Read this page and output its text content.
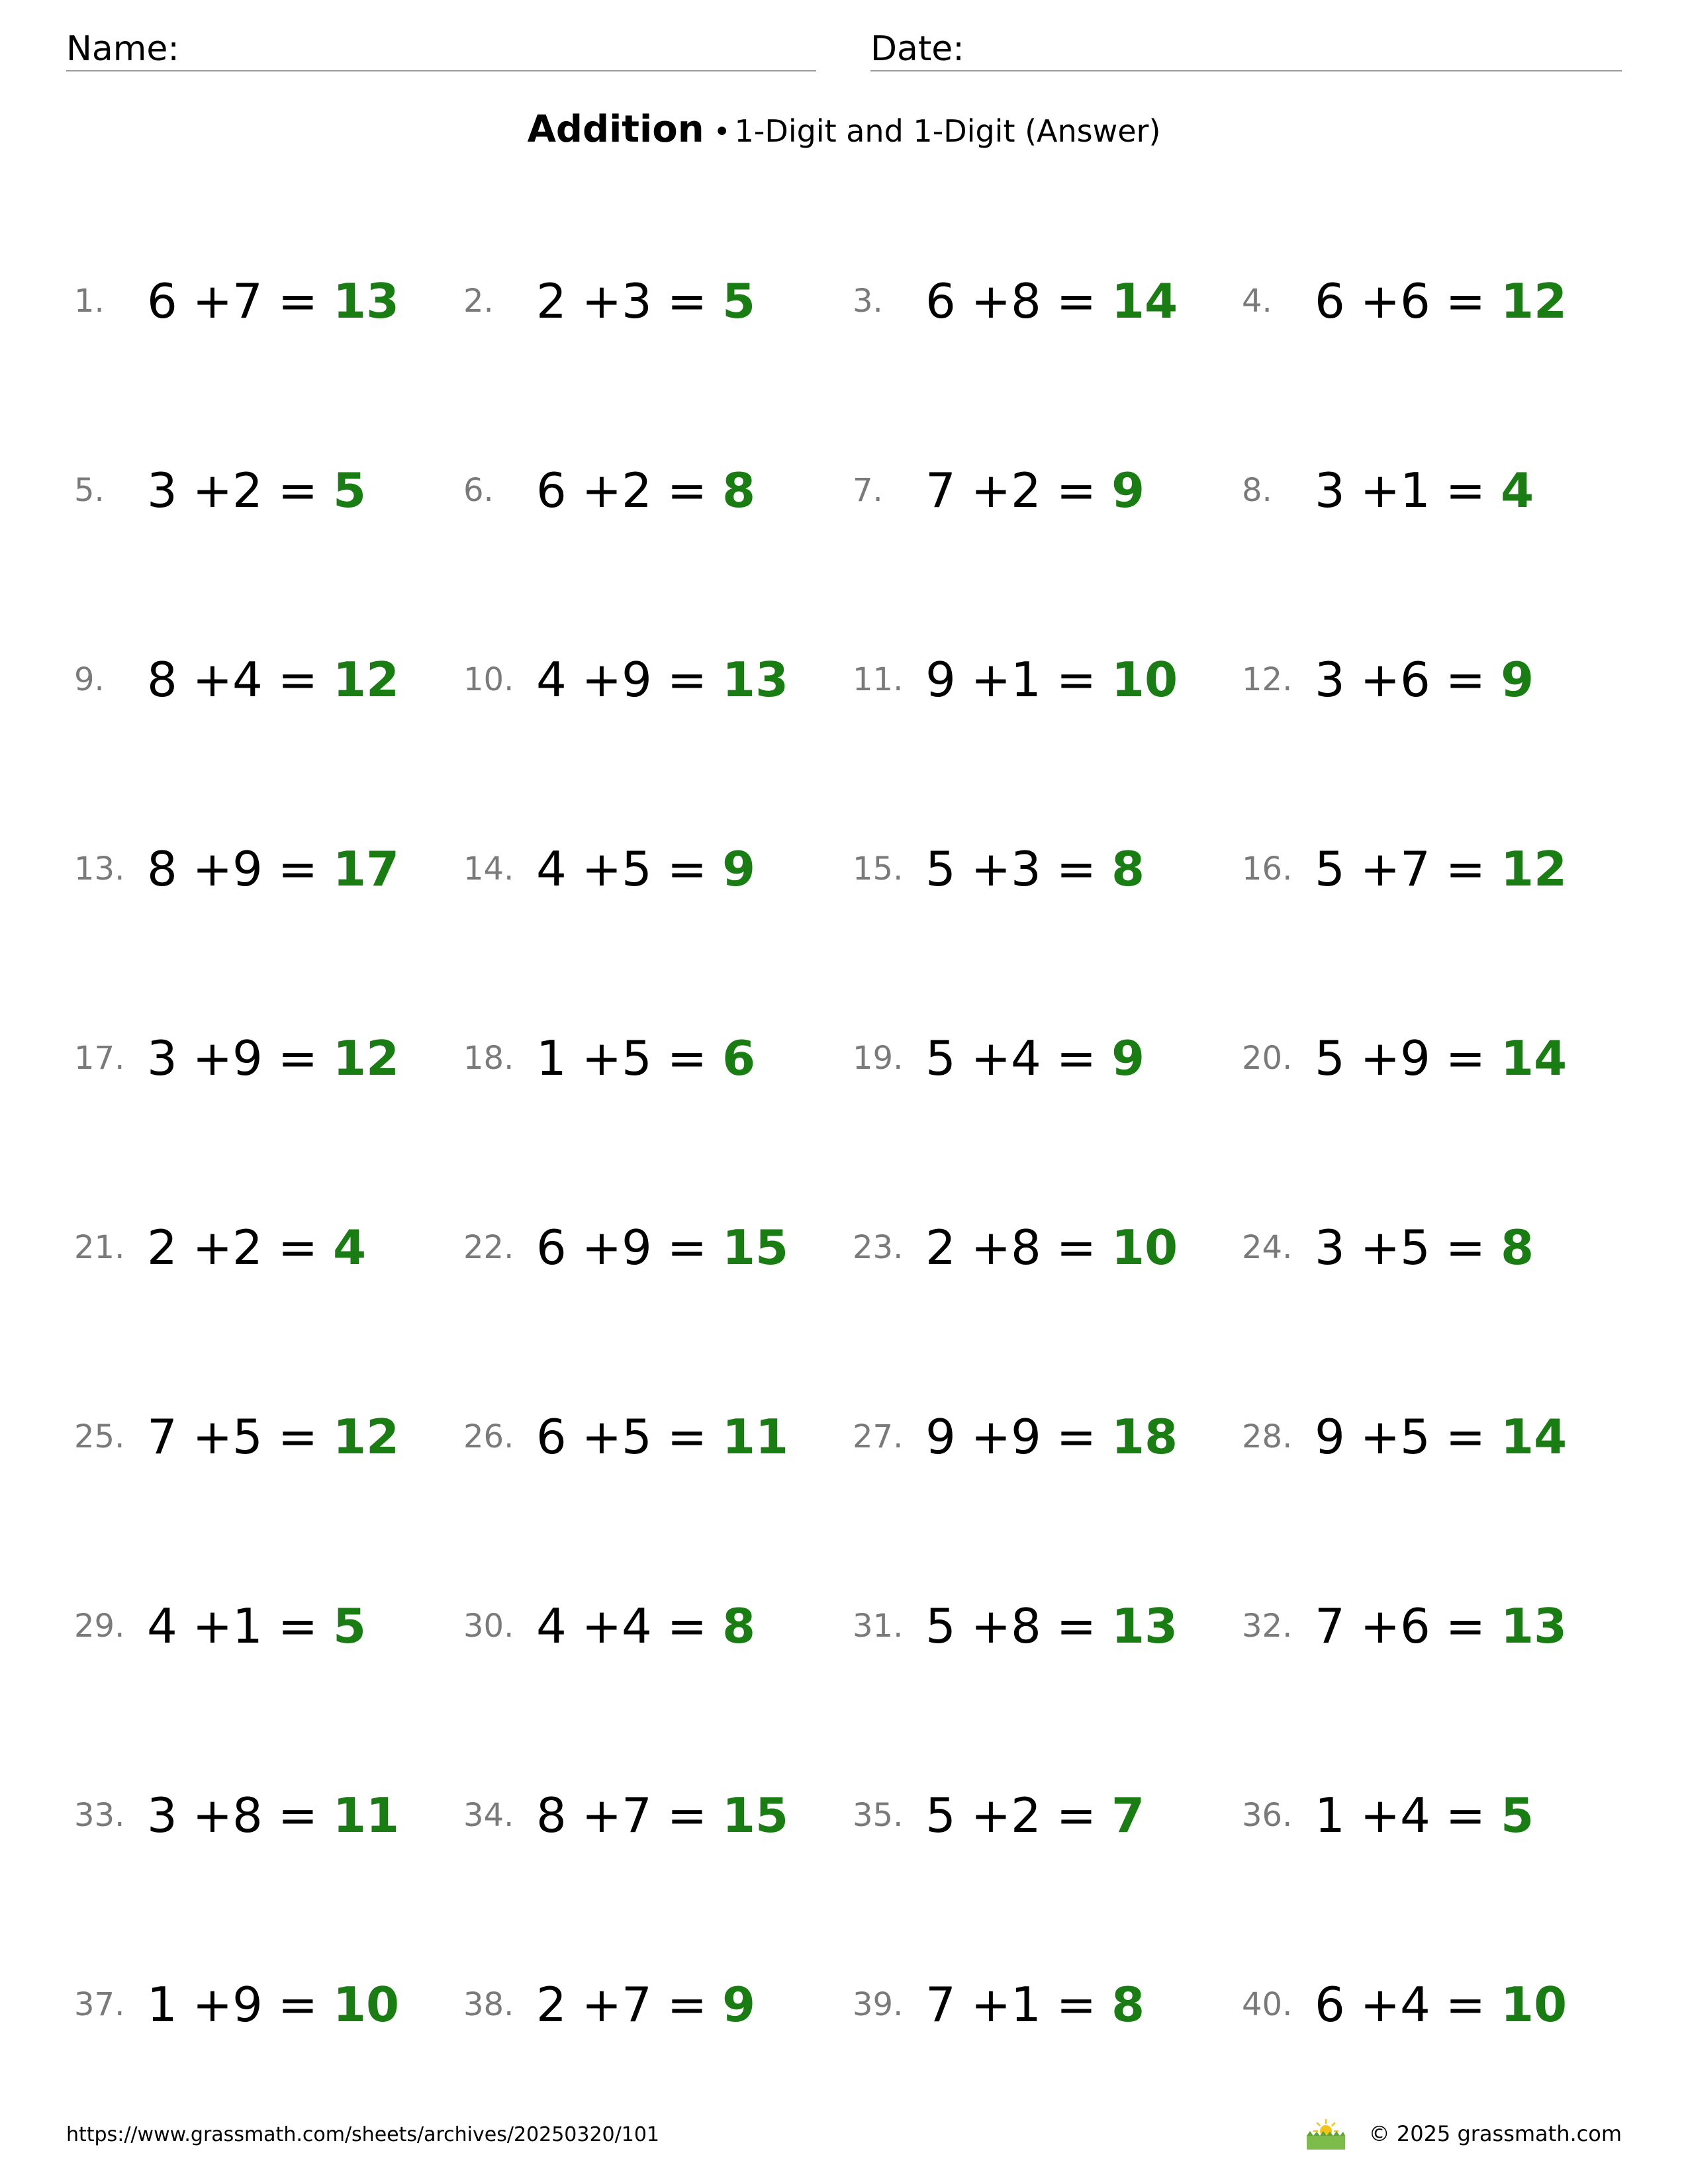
Name:	Date:
Addition • 1-Digit and 1-Digit (Answer)
1. 6 +7 = 13 2. 2 +3 = 5	3. 6 +8 = 14 4. 6 +6 = 12
5. 3 +2 = 5	6. 6 +2 = 8	7. 7 +2 = 9	8. 3 +1 = 4
9. 8 +4 = 12 10. 4 +9 = 13 11. 9 +1 = 10 12. 3 +6 = 9
13. 8 +9 = 17 14. 4 +5 = 9	15. 5 +3 = 8	16. 5 +7 = 12
17. 3 +9 = 12 18. 1 +5 = 6	19. 5 +4 = 9	20. 5 +9 = 14
21. 2 +2 = 4	22. 6 +9 = 15 23. 2 +8 = 10 24. 3 +5 = 8
25. 7 +5 = 12 26. 6 +5 = 11 27. 9 +9 = 18 28. 9 +5 = 14
29. 4 +1 = 5	30. 4 +4 = 8	31. 5 +8 = 13 32. 7 +6 = 13
33. 3 +8 = 11 34. 8 +7 = 15 35. 5 +2 = 7	36. 1 +4 = 5
37. 1 +9 = 10 38. 2 +7 = 9	39. 7 +1 = 8	40. 6 +4 = 10
https://www.grassmath.com/sheets/archives/20250320/101	© 2025 grassmath.com
